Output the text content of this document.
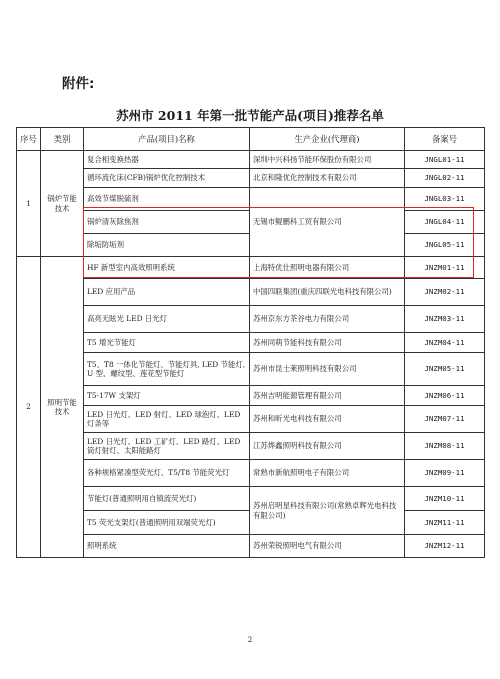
附件:
苏州市 2011 年第一批节能产品(项目)推荐名单
序号	类别	产品(项目)名称	生产企业(代理商)	备案号
1	锅炉节能技术	复合相变换热器	深圳中兴科扬节能环保股份有限公司	JNGL01-11
		循环流化床(CFB)锅炉优化控制技术	北京和隆优化控制技术有限公司	JNGL02-11
		高效节煤脱硫剂	无锡市鲲鹏科工贸有限公司	JNGL03-11
		锅炉清灰除焦剂		JNGL04-11
		除垢防垢剂		JNGL05-11
2	照明节能技术	HF 新型室内高效照明系统	上海特优仕照明电器有限公司	JNZM01-11
		LED 应用产品	中国四联集团(重庆四联光电科技有限公司)	JNZM02-11
		高亮无眩光 LED 日光灯	苏州京东方茶谷电力有限公司	JNZM03-11
		T5 增光节能灯	苏州同萌节能科技有限公司	JNZM04-11
		T5、T8 一体化节能灯、节能灯具, LED 节能灯, U 型、螺纹型、莲花型节能灯	苏州市昆士莱照明科技有限公司	JNZM05-11
		T5-17W 支架灯	苏州吉明能源管理有限公司	JNZM06-11
		LED 日光灯、LED 射灯、LED 球泡灯、LED 灯条等	苏州和昕光电科技有限公司	JNZM07-11
		LED 日光灯、LED 工矿灯、LED 路灯、LED 筒灯射灯、太阳能路灯	江苏烨鑫照明科技有限公司	JNZM08-11
		各种规格紧凑型荧光灯、T5/T8 节能荧光灯	常熟市新航照明电子有限公司	JNZM09-11
		节能灯(普通照明用自镇流荧光灯)	苏州启明星科技有限公司(常熟卓辉光电科技有限公司)	JNZM10-11
		T5 荧光支架灯(普通照明用双端荧光灯)		JNZM11-11
		照明系统	苏州荣锐照明电气有限公司	JNZM12-11
2
